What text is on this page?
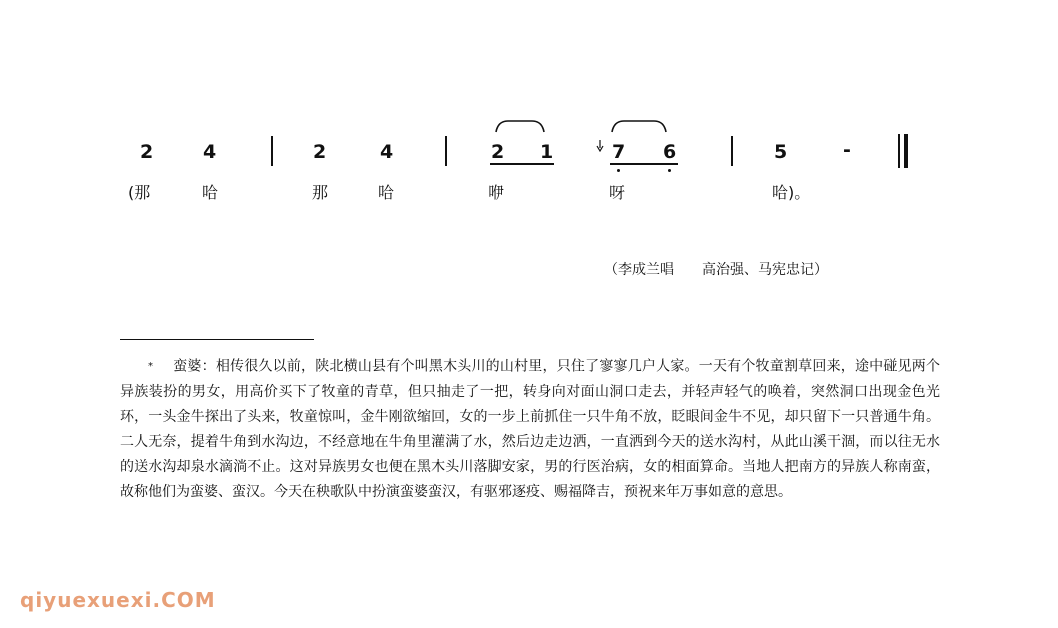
2	4	2	4	2 1	7 6	5	-
(那	哈	那	哈	咿	呀	哈)。
（李成兰唱　　高治强、马宪忠记）

* 蛮婆：相传很久以前，陕北横山县有个叫黑木头川的山村里，只住了寥寥几户人家。一天有个牧童割草回来，途中碰见两个异族装扮的男女，用高价买下了牧童的青草，但只抽走了一把，转身向对面山洞口走去，并轻声轻气的唤着，突然洞口出现金色光环，一头金牛探出了头来，牧童惊叫，金牛刚欲缩回，女的一步上前抓住一只牛角不放，眨眼间金牛不见，却只留下一只普通牛角。二人无奈，提着牛角到水沟边，不经意地在牛角里灌满了水，然后边走边洒，一直洒到今天的送水沟村，从此山溪干涸，而以往无水的送水沟却泉水滴淌不止。这对异族男女也便在黑木头川落脚安家，男的行医治病，女的相面算命。当地人把南方的异族人称南蛮，故称他们为蛮婆、蛮汉。今天在秧歌队中扮演蛮婆蛮汉，有驱邪逐疫、赐福降吉，预祝来年万事如意的意思。

qiyuexuexi.COM
